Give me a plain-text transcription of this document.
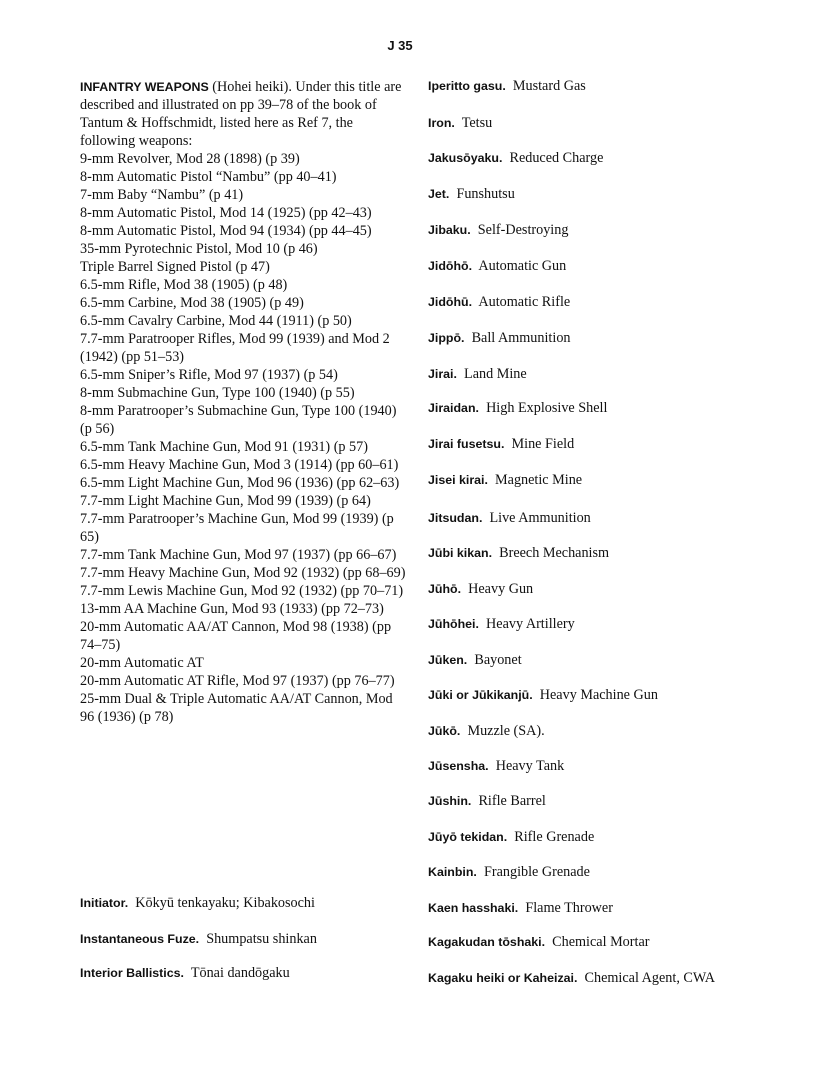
J 35

INFANTRY WEAPONS (Hohei heiki). Under this title are described and illustrated on pp 39–78 of the book of Tantum & Hoffschmidt, listed here as Ref 7, the following weapons:

9-mm Revolver, Mod 28 (1898) (p 39)

8-mm Automatic Pistol “Nambu” (pp 40–41)

7-mm Baby “Nambu” (p 41)

8-mm Automatic Pistol, Mod 14 (1925) (pp 42–43)

8-mm Automatic Pistol, Mod 94 (1934) (pp 44–45)

35-mm Pyrotechnic Pistol, Mod 10 (p 46)

Triple Barrel Signed Pistol (p 47)

6.5-mm Rifle, Mod 38 (1905) (p 48)

6.5-mm Carbine, Mod 38 (1905) (p 49)

6.5-mm Cavalry Carbine, Mod 44 (1911) (p 50)

7.7-mm Paratrooper Rifles, Mod 99 (1939) and Mod 2 (1942) (pp 51–53)

6.5-mm Sniper’s Rifle, Mod 97 (1937) (p 54)

8-mm Submachine Gun, Type 100 (1940) (p 55)

8-mm Paratrooper’s Submachine Gun, Type 100 (1940) (p 56)

6.5-mm Tank Machine Gun, Mod 91 (1931) (p 57)

6.5-mm Heavy Machine Gun, Mod 3 (1914) (pp 60–61)

6.5-mm Light Machine Gun, Mod 96 (1936) (pp 62–63)

7.7-mm Light Machine Gun, Mod 99 (1939) (p 64)

7.7-mm Paratrooper’s Machine Gun, Mod 99 (1939) (p 65)

7.7-mm Tank Machine Gun, Mod 97 (1937) (pp 66–67)

7.7-mm Heavy Machine Gun, Mod 92 (1932) (pp 68–69)

7.7-mm Lewis Machine Gun, Mod 92 (1932) (pp 70–71)

13-mm AA Machine Gun, Mod 93 (1933) (pp 72–73)

20-mm Automatic AA/AT Cannon, Mod 98 (1938) (pp 74–75)

20-mm Automatic AT

20-mm Automatic AT Rifle, Mod 97 (1937) (pp 76–77)

25-mm Dual & Triple Automatic AA/AT Cannon, Mod 96 (1936) (p 78)

Initiator. Kōkyū tenkayaku; Kibakosochi
Instantaneous Fuze. Shumpatsu shinkan
Interior Ballistics. Tōnai dandōgaku
Iperitto gasu. Mustard Gas
Iron. Tetsu
Jakusōyaku. Reduced Charge
Jet. Funshutsu
Jibaku. Self-Destroying
Jidōhō. Automatic Gun
Jidōhū. Automatic Rifle
Jippō. Ball Ammunition
Jirai. Land Mine
Jiraidan. High Explosive Shell
Jirai fusetsu. Mine Field
Jisei kirai. Magnetic Mine
Jitsudan. Live Ammunition
Jūbi kikan. Breech Mechanism
Jūhō. Heavy Gun
Jūhōhei. Heavy Artillery
Jūken. Bayonet
Jūki or Jūkikanjū. Heavy Machine Gun
Jūkō. Muzzle (SA).
Jūsensha. Heavy Tank
Jūshin. Rifle Barrel
Jūyō tekidan. Rifle Grenade
Kainbin. Frangible Grenade
Kaen hasshaki. Flame Thrower
Kagakudan tōshaki. Chemical Mortar
Kagaku heiki or Kaheizai. Chemical Agent, CWA
